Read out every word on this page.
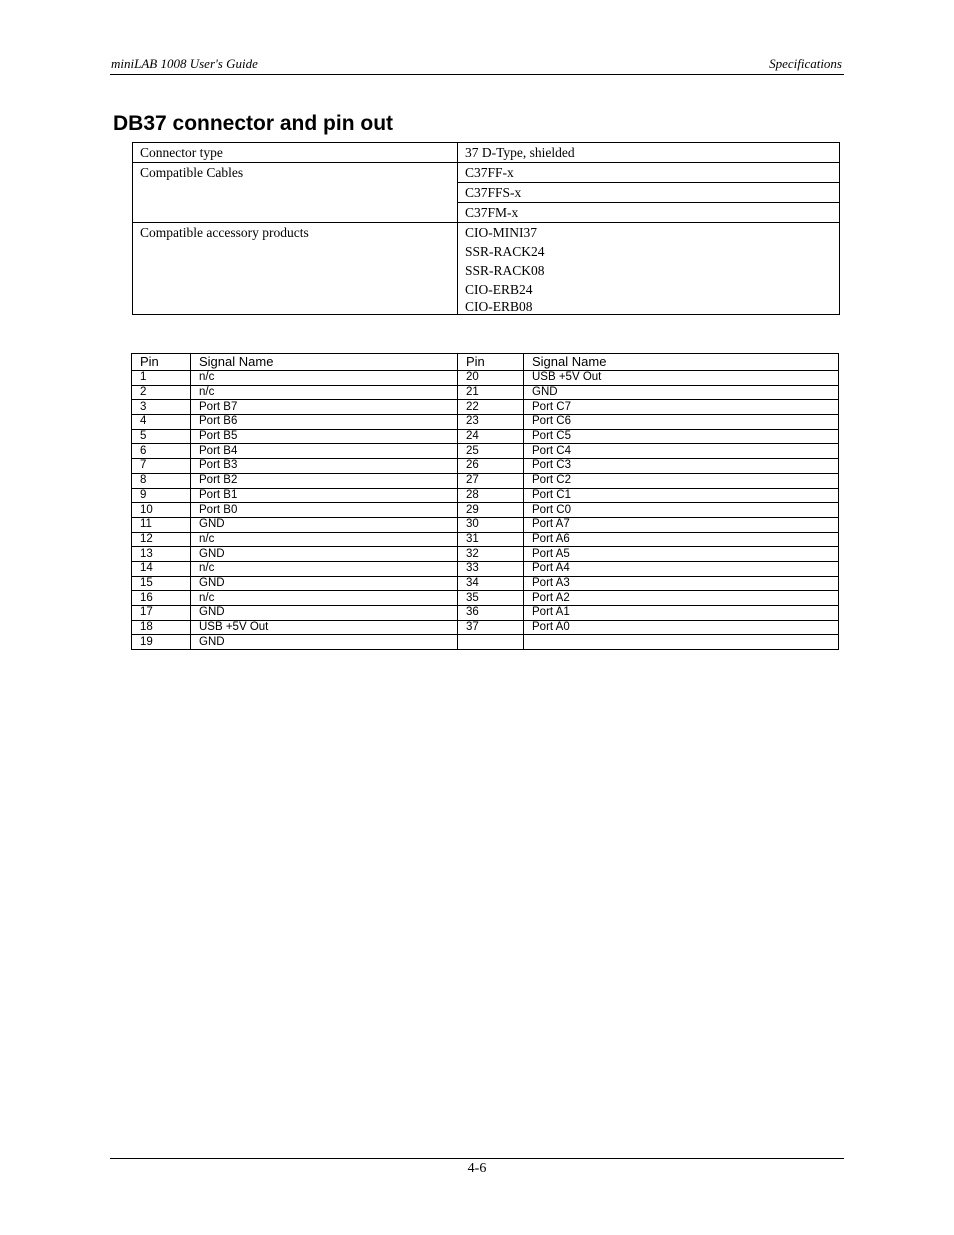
miniLAB 1008 User's Guide	Specifications
DB37 connector and pin out
Connector type	37 D-Type, shielded
Compatible Cables	C37FF-x
	C37FFS-x
	C37FM-x
Compatible accessory products	CIO-MINI37
SSR-RACK24
SSR-RACK08
CIO-ERB24
CIO-ERB08
Pin	Signal Name	Pin	Signal Name
1	n/c	20	USB +5V Out
2	n/c	21	GND
3	Port B7	22	Port C7
4	Port B6	23	Port C6
5	Port B5	24	Port C5
6	Port B4	25	Port C4
7	Port B3	26	Port C3
8	Port B2	27	Port C2
9	Port B1	28	Port C1
10	Port B0	29	Port C0
11	GND	30	Port A7
12	n/c	31	Port A6
13	GND	32	Port A5
14	n/c	33	Port A4
15	GND	34	Port A3
16	n/c	35	Port A2
17	GND	36	Port A1
18	USB +5V Out	37	Port A0
19	GND		
4-6
